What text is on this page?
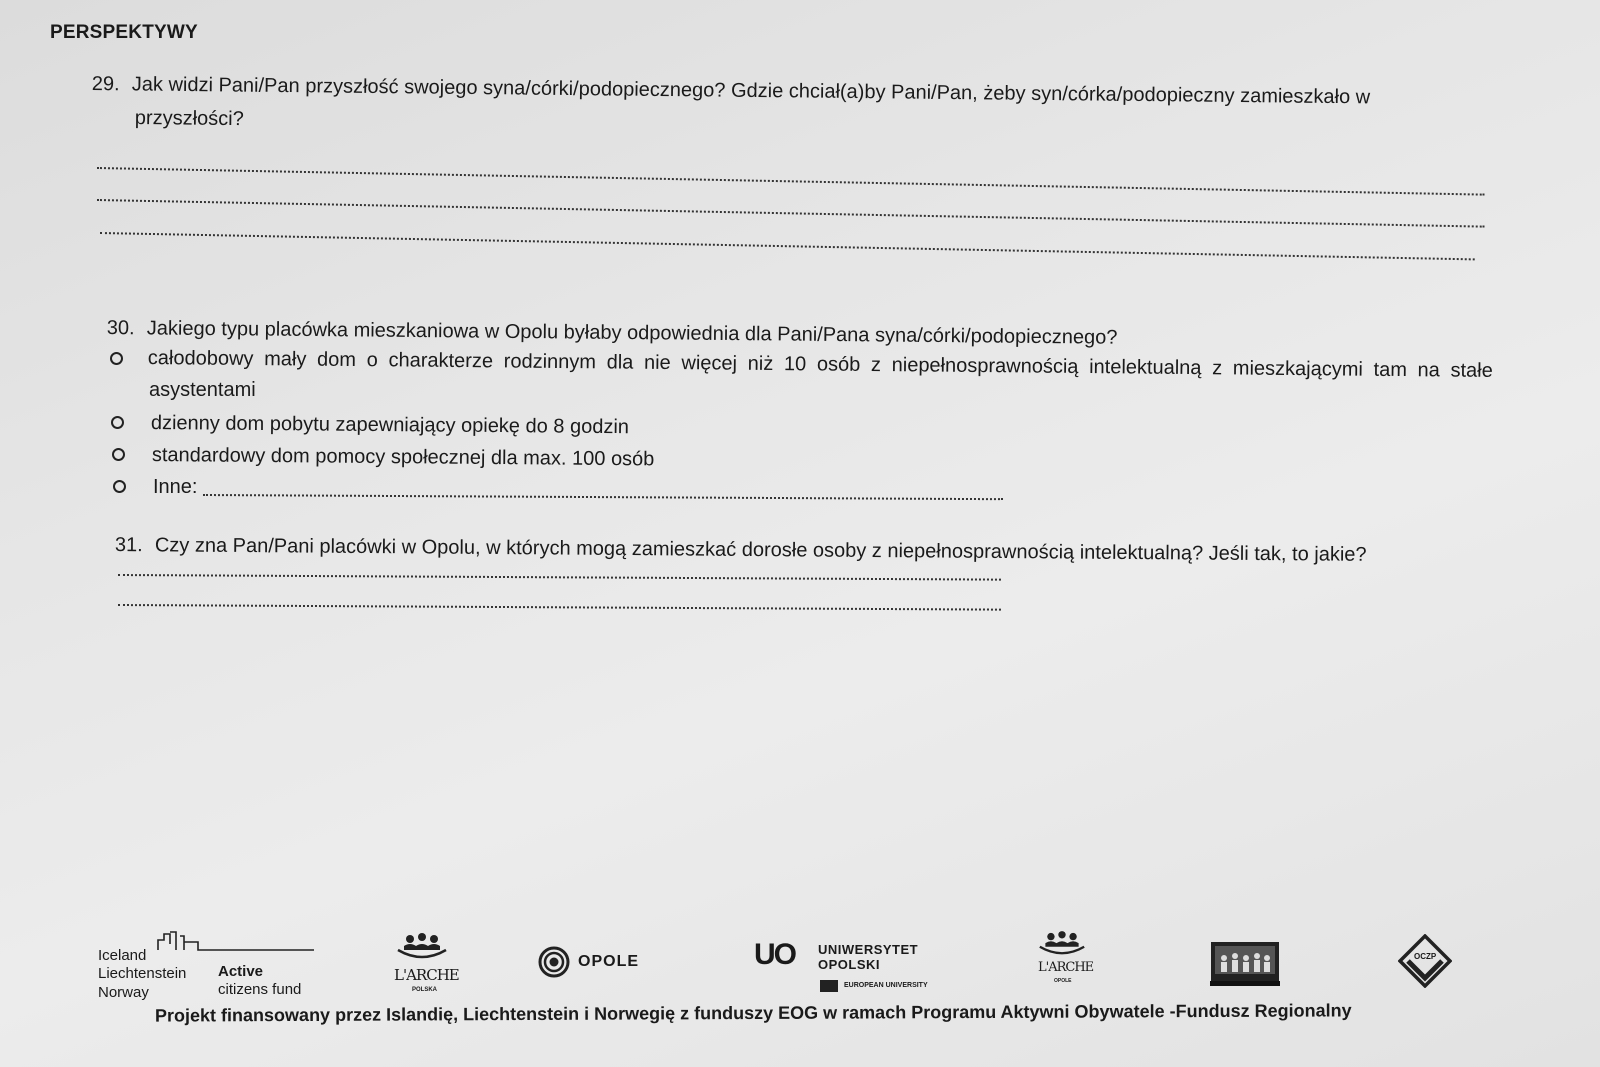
PERSPEKTYWY
29. Jak widzi Pani/Pan przyszłość swojego syna/córki/podopiecznego? Gdzie chciał(a)by Pani/Pan, żeby syn/córka/podopieczny zamieszkało w
przyszłości?
30. Jakiego typu placówka mieszkaniowa w Opolu byłaby odpowiednia dla Pani/Pana syna/córki/podopiecznego?
całodobowy mały dom o charakterze rodzinnym dla nie więcej niż 10 osób z niepełnosprawnością intelektualną z mieszkającymi tam na stałe
asystentami
dzienny dom pobytu zapewniający opiekę do 8 godzin
standardowy dom pomocy społecznej dla max. 100 osób
Inne:
31. Czy zna Pan/Pani placówki w Opolu, w których mogą zamieszkać dorosłe osoby z niepełnosprawnością intelektualną? Jeśli tak, to jakie?
Iceland
Liechtenstein
Norway
Active
citizens fund
L'ARCHE
POLSKA
OPOLE	UO UNIWERSYTET
OPOLSKI
EUROPEAN UNIVERSITY
L'ARCHE
OPOLE
OCZP
Projekt finansowany przez Islandię, Liechtenstein i Norwegię z funduszy EOG w ramach Programu Aktywni Obywatele -Fundusz Regionalny
